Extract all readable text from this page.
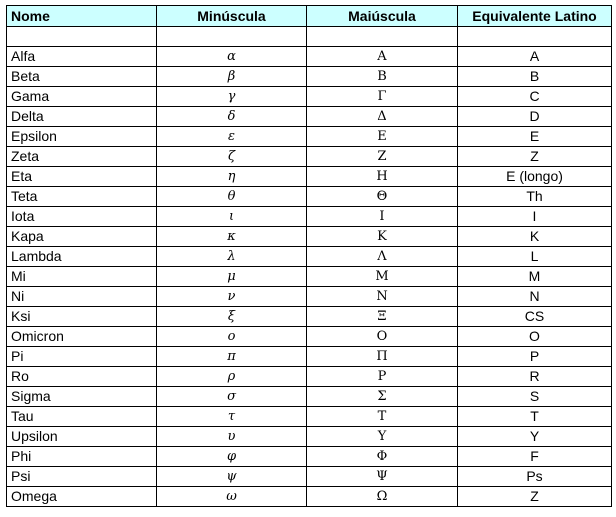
Nome	Minúscula	Maiúscula	Equivalente Latino

Alfa	α	Α	A
Beta	β	Β	B
Gama	γ	Γ	C
Delta	δ	Δ	D
Epsilon	ε	Ε	E
Zeta	ζ	Ζ	Z
Eta	η	Η	E (longo)
Teta	θ	Θ	Th
Iota	ι	Ι	I
Kapa	κ	Κ	K
Lambda	λ	Λ	L
Mi	μ	Μ	M
Ni	ν	Ν	N
Ksi	ξ	Ξ	CS
Omicron	ο	Ο	O
Pi	π	Π	P
Ro	ρ	Ρ	R
Sigma	σ	Σ	S
Tau	τ	Τ	T
Upsilon	υ	Υ	Y
Phi	φ	Φ	F
Psi	ψ	Ψ	Ps
Omega	ω	Ω	Z
